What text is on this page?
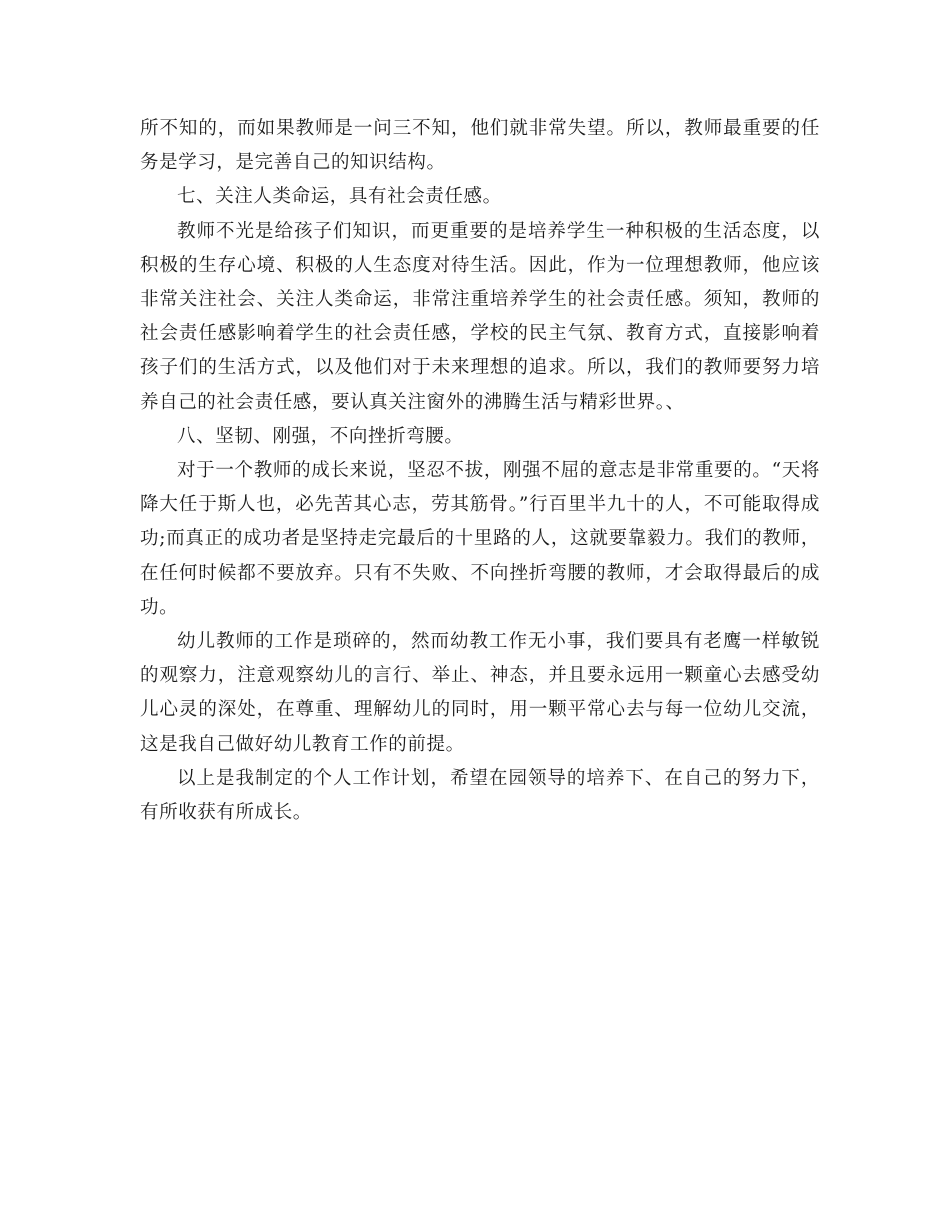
所不知的，而如果教师是一问三不知，他们就非常失望。所以，教师最重要的任务是学习，是完善自己的知识结构。

七、关注人类命运，具有社会责任感。

教师不光是给孩子们知识，而更重要的是培养学生一种积极的生活态度，以积极的生存心境、积极的人生态度对待生活。因此，作为一位理想教师，他应该非常关注社会、关注人类命运，非常注重培养学生的社会责任感。须知，教师的社会责任感影响着学生的社会责任感，学校的民主气氛、教育方式，直接影响着孩子们的生活方式，以及他们对于未来理想的追求。所以，我们的教师要努力培养自己的社会责任感，要认真关注窗外的沸腾生活与精彩世界。、

八、坚韧、刚强，不向挫折弯腰。

对于一个教师的成长来说，坚忍不拔，刚强不屈的意志是非常重要的。“天将降大任于斯人也，必先苦其心志，劳其筋骨。”行百里半九十的人，不可能取得成功;而真正的成功者是坚持走完最后的十里路的人，这就要靠毅力。我们的教师，在任何时候都不要放弃。只有不失败、不向挫折弯腰的教师，才会取得最后的成功。

幼儿教师的工作是琐碎的，然而幼教工作无小事，我们要具有老鹰一样敏锐的观察力，注意观察幼儿的言行、举止、神态，并且要永远用一颗童心去感受幼儿心灵的深处，在尊重、理解幼儿的同时，用一颗平常心去与每一位幼儿交流，这是我自己做好幼儿教育工作的前提。

以上是我制定的个人工作计划，希望在园领导的培养下、在自己的努力下，有所收获有所成长。
